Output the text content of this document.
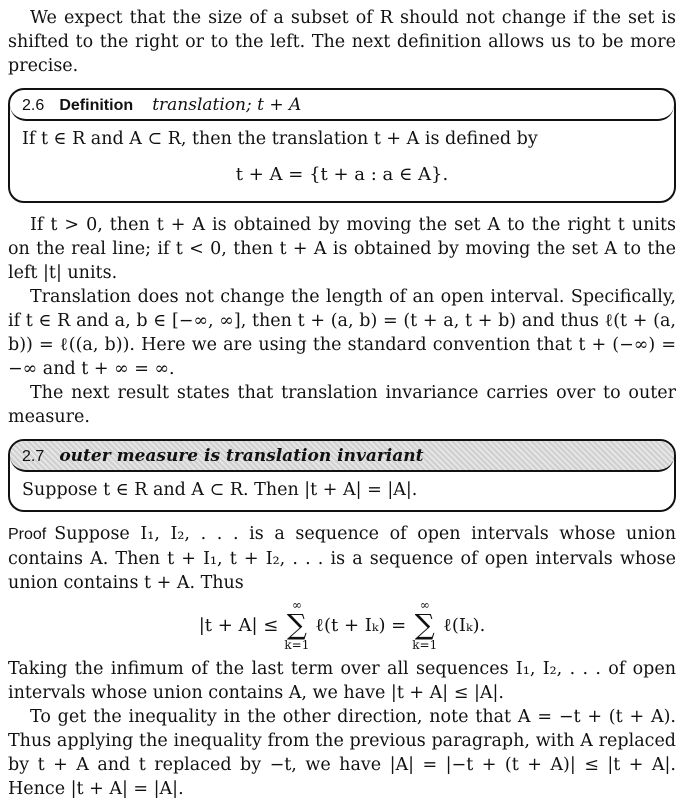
We expect that the size of a subset of R should not change if the set is shifted to the right or to the left. The next definition allows us to be more precise.

2.6 Definition translation; t + A

If t ∈ R and A ⊂ R, then the translation t + A is defined by

t + A = {t + a : a ∈ A}.

If t > 0, then t + A is obtained by moving the set A to the right t units on the real line; if t < 0, then t + A is obtained by moving the set A to the left |t| units.

Translation does not change the length of an open interval. Specifically, if t ∈ R and a, b ∈ [−∞, ∞], then t + (a, b) = (t + a, t + b) and thus ℓ(t + (a, b)) = ℓ((a, b)). Here we are using the standard convention that t + (−∞) = −∞ and t + ∞ = ∞.

The next result states that translation invariance carries over to outer measure.

2.7 outer measure is translation invariant

Suppose t ∈ R and A ⊂ R. Then |t + A| = |A|.

Proof Suppose I₁, I₂, . . . is a sequence of open intervals whose union contains A. Then t + I₁, t + I₂, . . . is a sequence of open intervals whose union contains t + A. Thus

|t + A| ≤
∞
∑
k=1
ℓ(t + Iₖ) =
∞
∑
k=1
ℓ(Iₖ).

Taking the infimum of the last term over all sequences I₁, I₂, . . . of open intervals whose union contains A, we have |t + A| ≤ |A|.

To get the inequality in the other direction, note that A = −t + (t + A). Thus applying the inequality from the previous paragraph, with A replaced by t + A and t replaced by −t, we have |A| = |−t + (t + A)| ≤ |t + A|. Hence |t + A| = |A|.
